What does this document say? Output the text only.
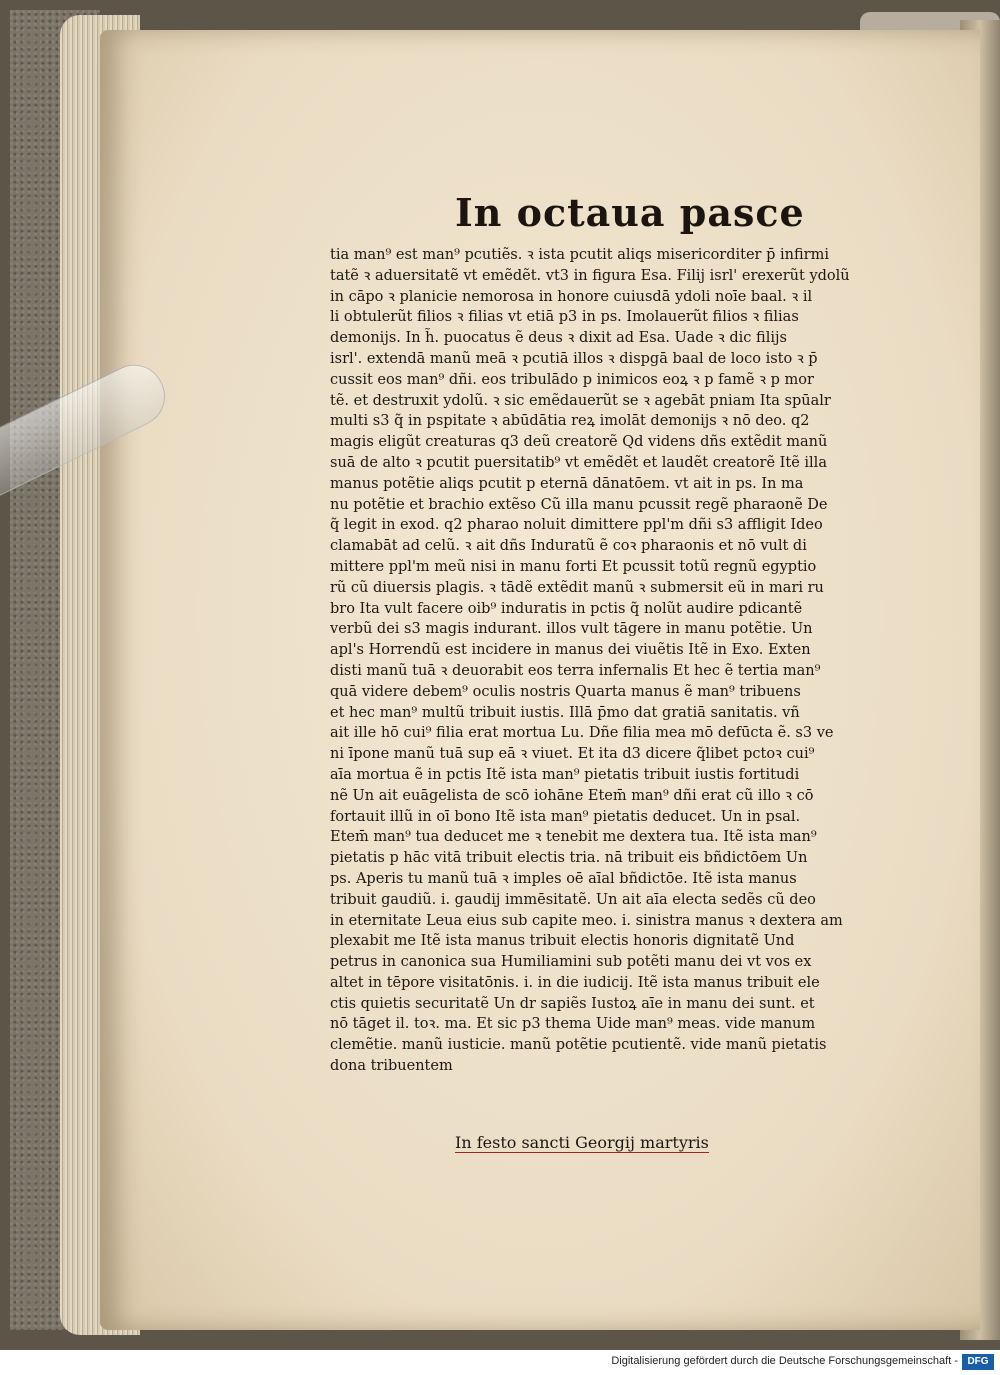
In octaua pasce
tia man⁹ est man⁹ pcutiẽs. ꝛ ista pcutit aliqs misericorditer p̄ infirmi
tatẽ ꝛ aduersitatẽ vt emẽdẽt. vt3 in figura Esa. Filij isrl' erexerũt ydolũ
in cāpo ꝛ planicie nemorosa in honore cuiusdā ydoli noīe baal. ꝛ il
li obtulerũt filios ꝛ filias vt etiā p3 in ps. Imolauerũt filios ꝛ filias
demonijs. In h̃. puocatus ẽ deus ꝛ dixit ad Esa. Uade ꝛ dic filijs
isrl'. extendā manũ meā ꝛ pcutiā illos ꝛ dispgā baal de loco isto ꝛ p̄
cussit eos man⁹ dñi. eos tribulādo p inimicos eoꝝ ꝛ p famẽ ꝛ p mor
tẽ. et destruxit ydolũ. ꝛ sic emẽdauerũt se ꝛ agebāt pniam Ita spūalr
multi s3 q̃ in pspitate ꝛ abūdātia reꝝ imolāt demonijs ꝛ nō deo. q2
magis eligũt creaturas q3 deũ creatorẽ Qd videns dñs extẽdit manũ
suā de alto ꝛ pcutit puersitatib⁹ vt emẽdẽt et laudẽt creatorẽ Itẽ illa
manus potẽtie aliqs pcutit p eternā dānatōem. vt ait in ps. In ma
nu potẽtie et brachio extẽso Cũ illa manu pcussit regẽ pharaonẽ De
q̃ legit in exod. q2 pharao noluit dimittere ppl'm dñi s3 affligit Ideo
clamabāt ad celũ. ꝛ ait dñs Induratũ ẽ coꝛ pharaonis et nō vult di
mittere ppl'm meũ nisi in manu forti Et pcussit totũ regnũ egyptio
rũ cũ diuersis plagis. ꝛ tādẽ extẽdit manũ ꝛ submersit eũ in mari ru
bro Ita vult facere oib⁹ induratis in pctis q̃ nolũt audire pdicantẽ
verbũ dei s3 magis indurant. illos vult tāgere in manu potẽtie. Un
apl's Horrendũ est incidere in manus dei viuẽtis Itẽ in Exo. Exten
disti manũ tuā ꝛ deuorabit eos terra infernalis Et hec ẽ tertia man⁹
quā videre debem⁹ oculis nostris Quarta manus ẽ man⁹ tribuens
et hec man⁹ multũ tribuit iustis. Illā p̄mo dat gratiā sanitatis. vñ
ait ille hō cui⁹ filia erat mortua Lu. Dñe filia mea mō defūcta ẽ. s3 ve
ni īpone manũ tuā sup eā ꝛ viuet. Et ita d3 dicere q̃libet pctoꝛ cui⁹
aīa mortua ẽ in pctis Itẽ ista man⁹ pietatis tribuit iustis fortitudi
nẽ Un ait euāgelista de scō iohāne Etem̄ man⁹ dñi erat cũ illo ꝛ cō
fortauit illũ in oī bono Itẽ ista man⁹ pietatis deducet. Un in psal.
Etem̄ man⁹ tua deducet me ꝛ tenebit me dextera tua. Itẽ ista man⁹
pietatis p hāc vitā tribuit electis tria. nā tribuit eis bñdictōem Un
ps. Aperis tu manũ tuā ꝛ imples oē aīal bñdictōe. Itẽ ista manus
tribuit gaudiũ. i. gaudij immēsitatẽ. Un ait aīa electa sedẽs cũ deo
in eternitate Leua eius sub capite meo. i. sinistra manus ꝛ dextera am
plexabit me Itẽ ista manus tribuit electis honoris dignitatẽ Und
petrus in canonica sua Humiliamini sub potẽti manu dei vt vos ex
altet in tēpore visitatōnis. i. in die iudicij. Itẽ ista manus tribuit ele
ctis quietis securitatẽ Un dr sapiẽs Iustoꝝ aīe in manu dei sunt. et
nō tāget il. toꝛ. ma. Et sic p3 thema Uide man⁹ meas. vide manum
clemẽtie. manũ iusticie. manũ potẽtie pcutientẽ. vide manũ pietatis
dona tribuentem
In festo sancti Georgij martyris
Digitalisierung gefördert durch die Deutsche Forschungsgemeinschaft - DFG
